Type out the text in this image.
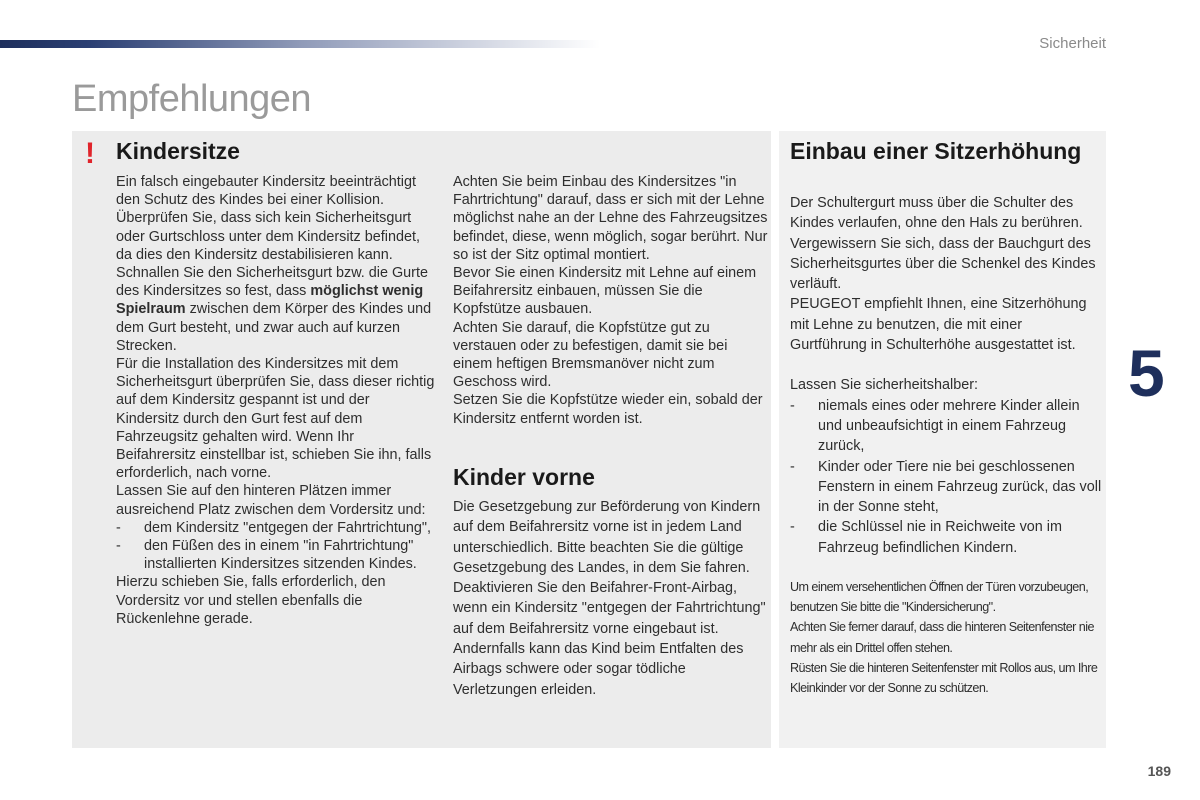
Sicherheit
Empfehlungen
! Kindersitze	Einbau einer Sitzerhöhung
Kinder vorne

Ein falsch eingebauter Kindersitz beeinträchtigt den Schutz des Kindes bei einer Kollision.

Überprüfen Sie, dass sich kein Sicherheitsgurt oder Gurtschloss unter dem Kindersitz befindet, da dies den Kindersitz destabilisieren kann.

Schnallen Sie den Sicherheitsgurt bzw. die Gurte des Kindersitzes so fest, dass möglichst wenig Spielraum zwischen dem Körper des Kindes und dem Gurt besteht, und zwar auch auf kurzen Strecken.

Für die Installation des Kindersitzes mit dem Sicherheitsgurt überprüfen Sie, dass dieser richtig auf dem Kindersitz gespannt ist und der Kindersitz durch den Gurt fest auf dem Fahrzeugsitz gehalten wird. Wenn Ihr Beifahrersitz einstellbar ist, schieben Sie ihn, falls erforderlich, nach vorne.

Lassen Sie auf den hinteren Plätzen immer ausreichend Platz zwischen dem Vordersitz und:

-	dem Kindersitz "entgegen der Fahrtrichtung",
-	den Füßen des in einem "in Fahrtrichtung" installierten Kindersitzes sitzenden Kindes.

Hierzu schieben Sie, falls erforderlich, den Vordersitz vor und stellen ebenfalls die Rückenlehne gerade.

Achten Sie beim Einbau des Kindersitzes "in Fahrtrichtung" darauf, dass er sich mit der Lehne möglichst nahe an der Lehne des Fahrzeugsitzes befindet, diese, wenn möglich, sogar berührt. Nur so ist der Sitz optimal montiert.

Bevor Sie einen Kindersitz mit Lehne auf einem Beifahrersitz einbauen, müssen Sie die Kopfstütze ausbauen.

Achten Sie darauf, die Kopfstütze gut zu verstauen oder zu befestigen, damit sie bei einem heftigen Bremsmanöver nicht zum Geschoss wird.

Setzen Sie die Kopfstütze wieder ein, sobald der Kindersitz entfernt worden ist.

Die Gesetzgebung zur Beförderung von Kindern auf dem Beifahrersitz vorne ist in jedem Land unterschiedlich. Bitte beachten Sie die gültige Gesetzgebung des Landes, in dem Sie fahren.

Deaktivieren Sie den Beifahrer-Front-Airbag, wenn ein Kindersitz "entgegen der Fahrtrichtung" auf dem Beifahrersitz vorne eingebaut ist. Andernfalls kann das Kind beim Entfalten des Airbags schwere oder sogar tödliche Verletzungen erleiden.

Der Schultergurt muss über die Schulter des Kindes verlaufen, ohne den Hals zu berühren.

Vergewissern Sie sich, dass der Bauchgurt des Sicherheitsgurtes über die Schenkel des Kindes verläuft.

PEUGEOT empfiehlt Ihnen, eine Sitzerhöhung mit Lehne zu benutzen, die mit einer Gurtführung in Schulterhöhe ausgestattet ist.

Lassen Sie sicherheitshalber:

-	niemals eines oder mehrere Kinder allein und unbeaufsichtigt in einem Fahrzeug zurück,
-	Kinder oder Tiere nie bei geschlossenen Fenstern in einem Fahrzeug zurück, das voll in der Sonne steht,
-	die Schlüssel nie in Reichweite von im Fahrzeug befindlichen Kindern.

Um einem versehentlichen Öffnen der Türen vorzubeugen, benutzen Sie bitte die "Kindersicherung".

Achten Sie ferner darauf, dass die hinteren Seitenfenster nie mehr als ein Drittel offen stehen.

Rüsten Sie die hinteren Seitenfenster mit Rollos aus, um Ihre Kleinkinder vor der Sonne zu schützen.

5
189
